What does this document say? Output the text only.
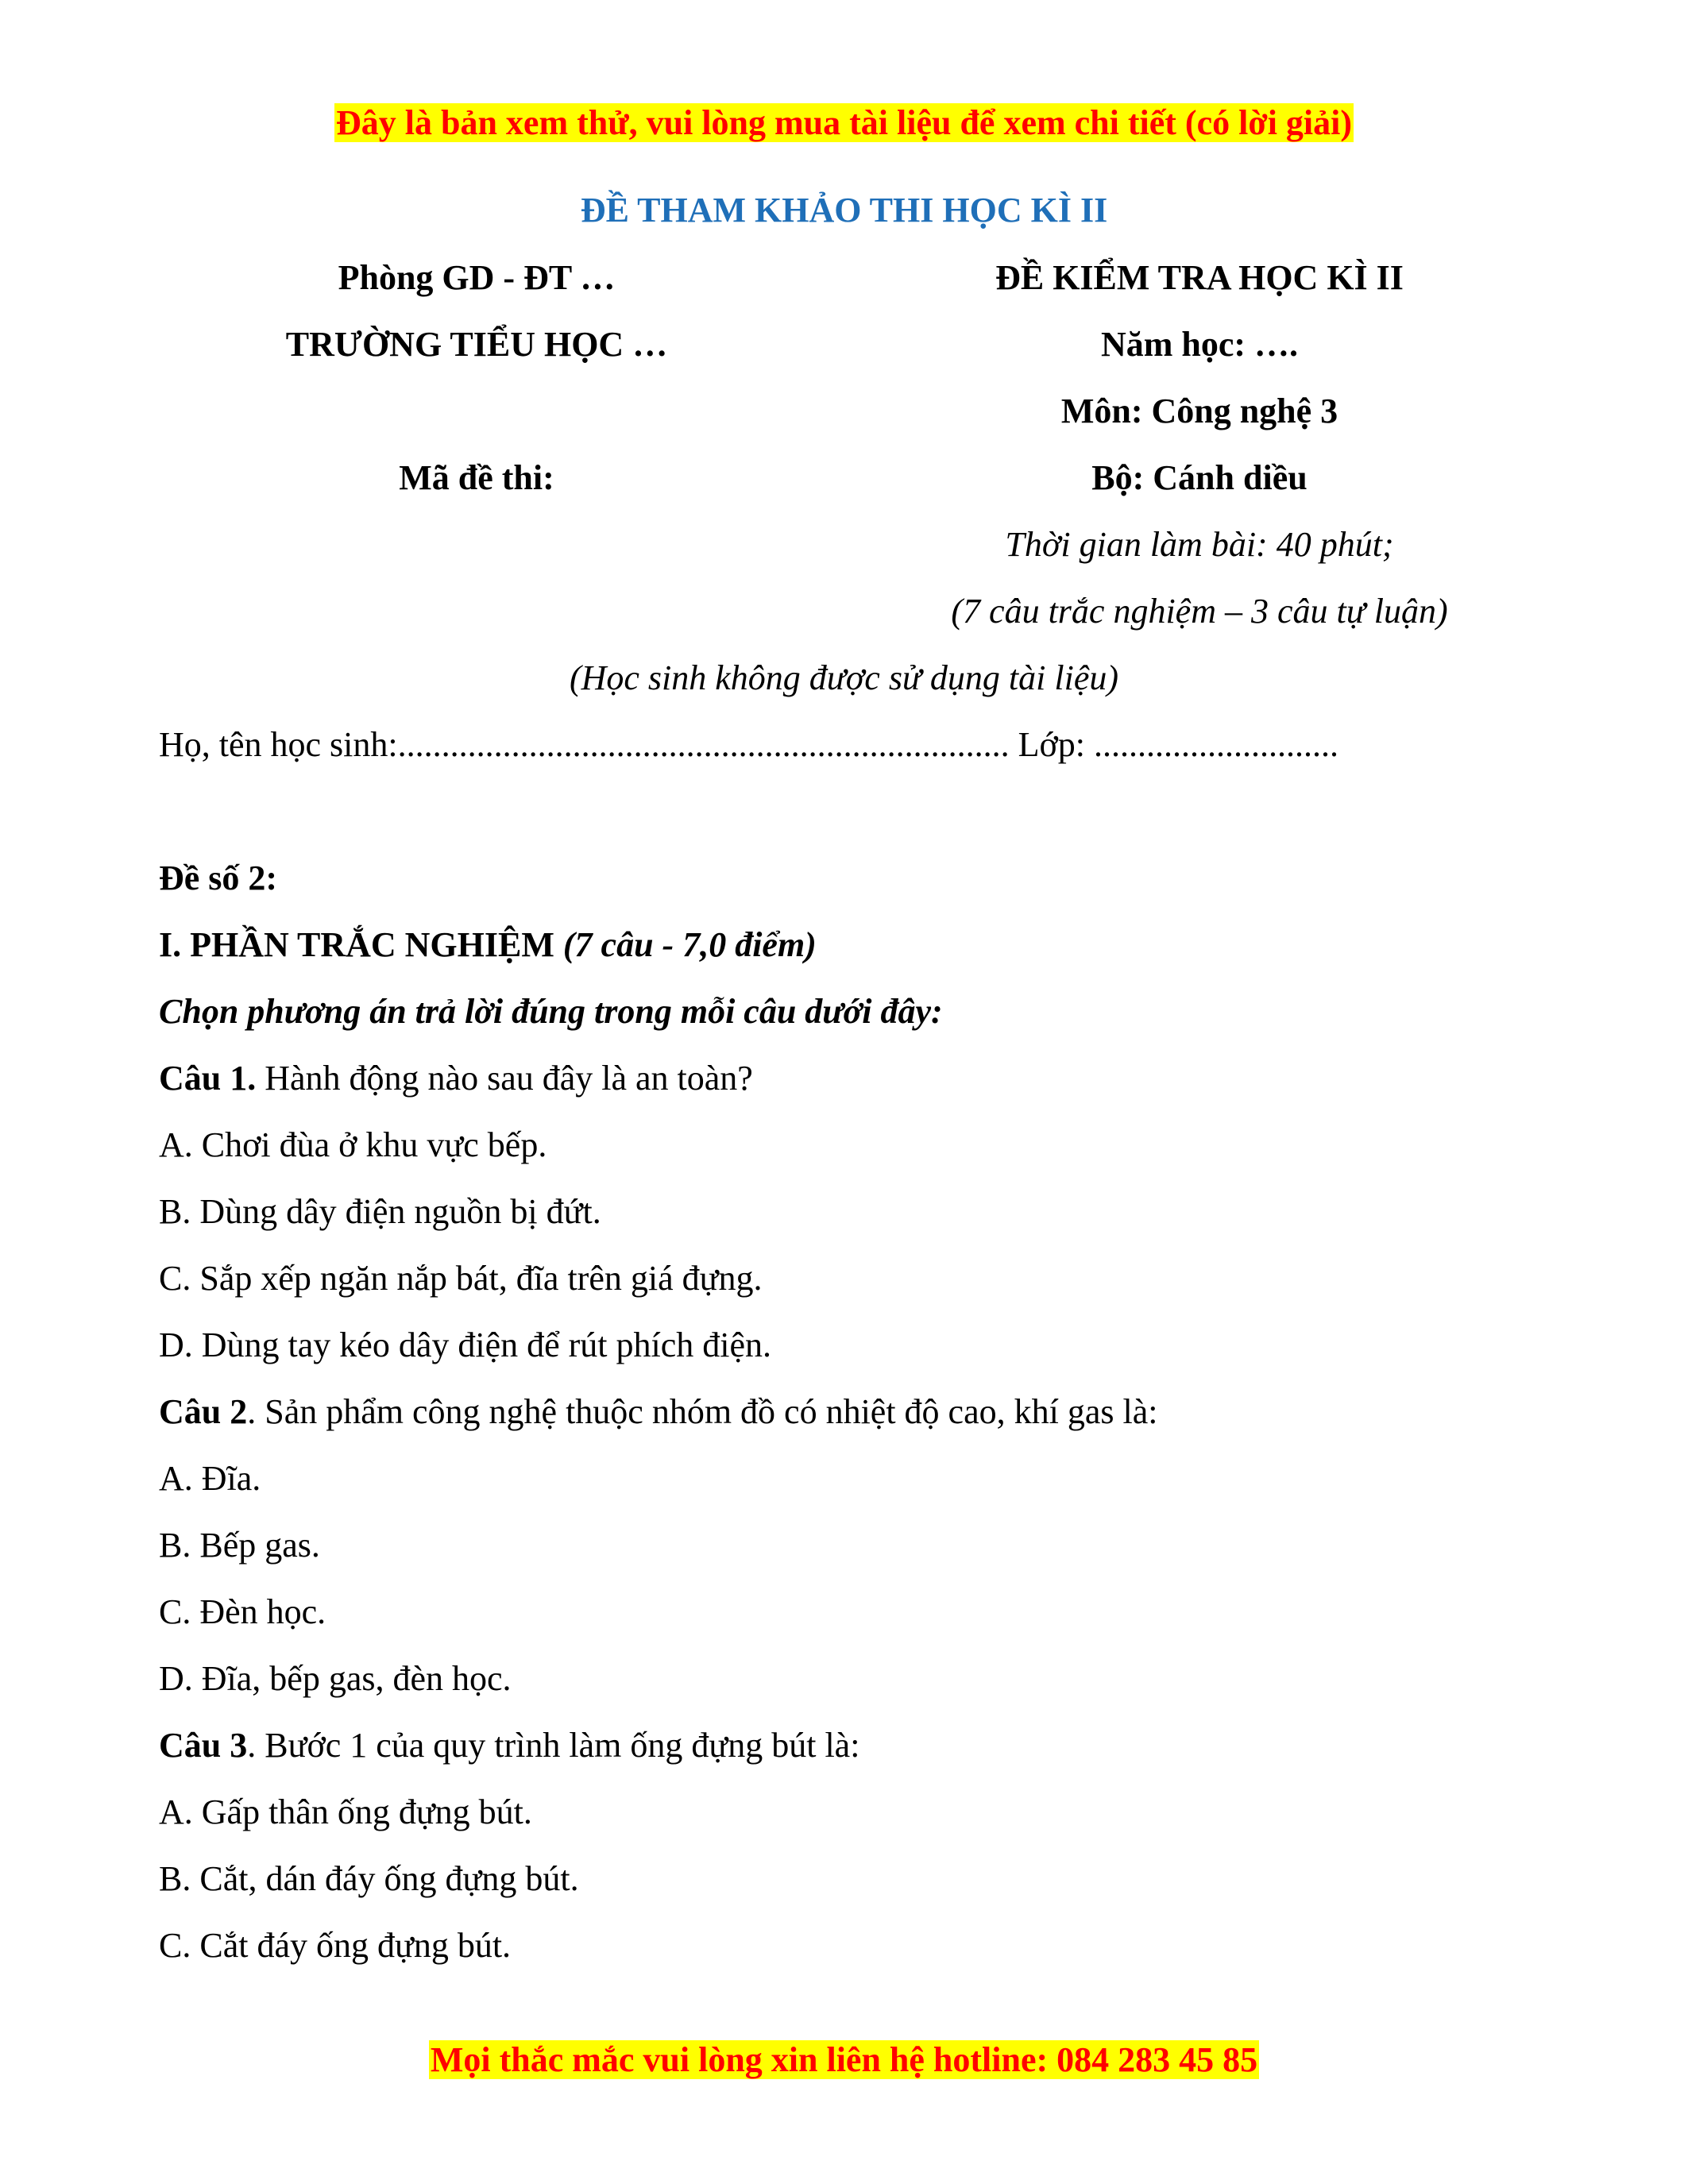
Đây là bản xem thử, vui lòng mua tài liệu để xem chi tiết (có lời giải)
ĐỀ THAM KHẢO THI HỌC KÌ II
Phòng GD - ĐT …	ĐỀ KIỂM TRA HỌC KÌ II
TRƯỜNG TIỂU HỌC …	Năm học: ….
Môn: Công nghệ 3
Mã đề thi:	Bộ: Cánh diều
Thời gian làm bài: 40 phút;
(7 câu trắc nghiệm – 3 câu tự luận)
(Học sinh không được sử dụng tài liệu)
Họ, tên học sinh:...................................................................... Lớp: ............................
Đề số 2:
I. PHẦN TRẮC NGHIỆM (7 câu - 7,0 điểm)
Chọn phương án trả lời đúng trong mỗi câu dưới đây:
Câu 1. Hành động nào sau đây là an toàn?
A. Chơi đùa ở khu vực bếp.
B. Dùng dây điện nguồn bị đứt.
C. Sắp xếp ngăn nắp bát, đĩa trên giá đựng.
D. Dùng tay kéo dây điện để rút phích điện.
Câu 2. Sản phẩm công nghệ thuộc nhóm đồ có nhiệt độ cao, khí gas là:
A. Đĩa.
B. Bếp gas.
C. Đèn học.
D. Đĩa, bếp gas, đèn học.
Câu 3. Bước 1 của quy trình làm ống đựng bút là:
A. Gấp thân ống đựng bút.
B. Cắt, dán đáy ống đựng bút.
C. Cắt đáy ống đựng bút.
Mọi thắc mắc vui lòng xin liên hệ hotline: 084 283 45 85
